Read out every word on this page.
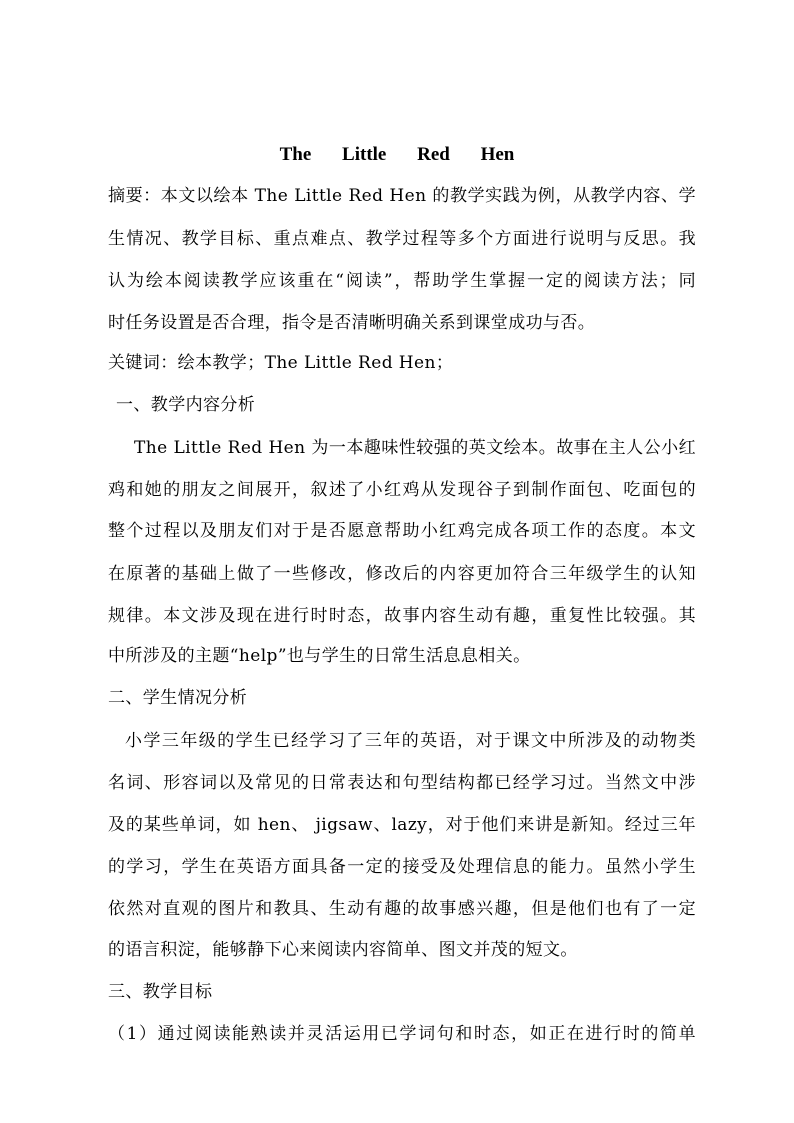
The Little Red Hen
摘要：本文以绘本 The Little Red Hen 的教学实践为例，从教学内容、学
生情况、教学目标、重点难点、教学过程等多个方面进行说明与反思。我
认为绘本阅读教学应该重在“阅读”，帮助学生掌握一定的阅读方法；同
时任务设置是否合理，指令是否清晰明确关系到课堂成功与否。
关键词：绘本教学；The Little Red Hen；
一、教学内容分析
The Little Red Hen 为一本趣味性较强的英文绘本。故事在主人公小红
鸡和她的朋友之间展开，叙述了小红鸡从发现谷子到制作面包、吃面包的
整个过程以及朋友们对于是否愿意帮助小红鸡完成各项工作的态度。本文
在原著的基础上做了一些修改，修改后的内容更加符合三年级学生的认知
规律。本文涉及现在进行时时态，故事内容生动有趣，重复性比较强。其
中所涉及的主题“help”也与学生的日常生活息息相关。
二、学生情况分析
小学三年级的学生已经学习了三年的英语，对于课文中所涉及的动物类
名词、形容词以及常见的日常表达和句型结构都已经学习过。当然文中涉
及的某些单词，如 hen、 jigsaw、lazy，对于他们来讲是新知。经过三年
的学习，学生在英语方面具备一定的接受及处理信息的能力。虽然小学生
依然对直观的图片和教具、生动有趣的故事感兴趣，但是他们也有了一定
的语言积淀，能够静下心来阅读内容简单、图文并茂的短文。
三、教学目标
（1）通过阅读能熟读并灵活运用已学词句和时态，如正在进行时的简单
